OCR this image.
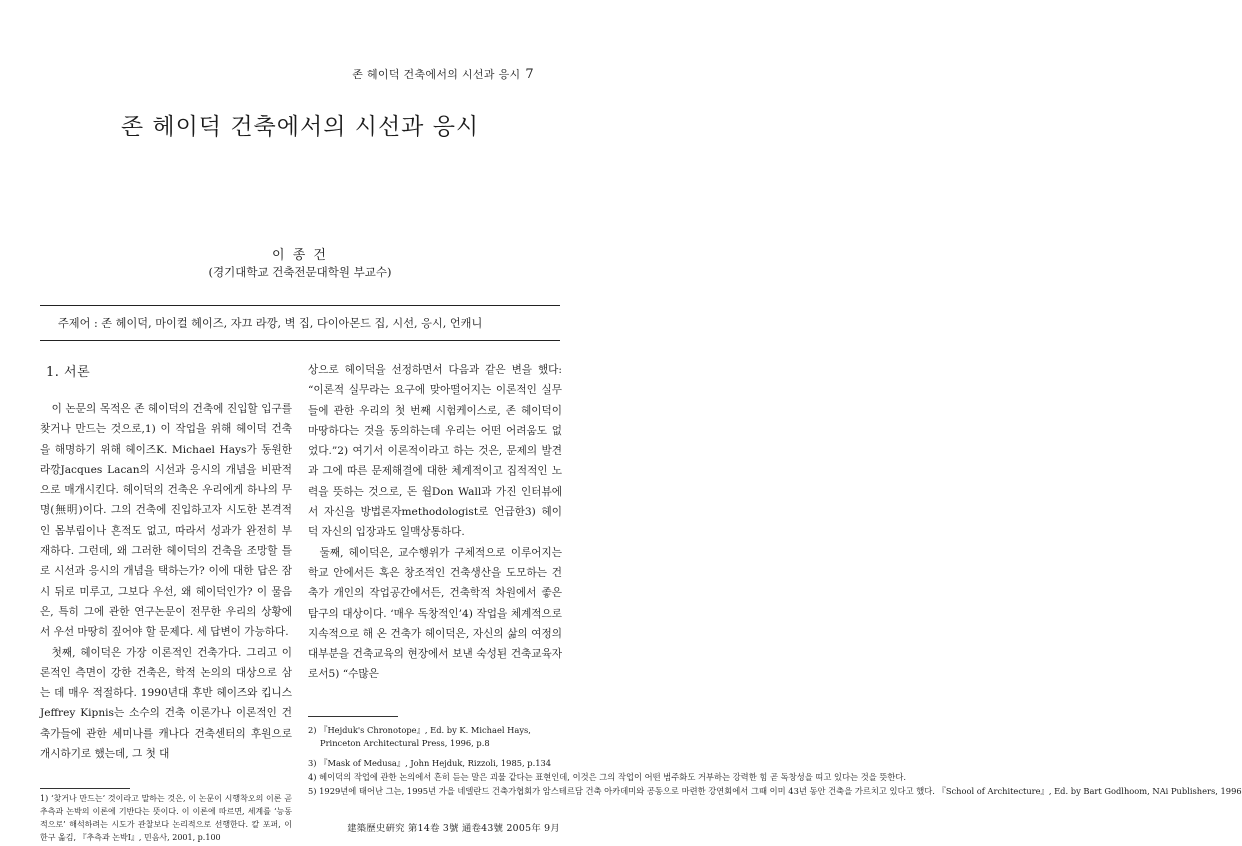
존 헤이덕 건축에서의 시선과 응시 7
존 헤이덕 건축에서의 시선과 응시
이 종 건
(경기대학교 건축전문대학원 부교수)
주제어 : 존 헤이덕, 마이컬 헤이즈, 자끄 라깡, 벽 집, 다이아몬드 집, 시선, 응시, 언캐니
1. 서론

이 논문의 목적은 존 헤이덕의 건축에 진입할 입구를 찾거나 만드는 것으로,1) 이 작업을 위해 헤이덕 건축을 해명하기 위해 헤이즈K. Michael Hays가 동원한 라깡Jacques Lacan의 시선과 응시의 개념을 비판적으로 매개시킨다. 헤이덕의 건축은 우리에게 하나의 무명(無明)이다. 그의 건축에 진입하고자 시도한 본격적인 몸부림이나 흔적도 없고, 따라서 성과가 완전히 부재하다. 그런데, 왜 그러한 헤이덕의 건축을 조망할 틀로 시선과 응시의 개념을 택하는가? 이에 대한 답은 잠시 뒤로 미루고, 그보다 우선, 왜 헤이덕인가? 이 물음은, 특히 그에 관한 연구논문이 전무한 우리의 상황에서 우선 마땅히 짚어야 할 문제다. 세 답변이 가능하다.

첫째, 헤이덕은 가장 이론적인 건축가다. 그리고 이론적인 측면이 강한 건축은, 학적 논의의 대상으로 삼는 데 매우 적절하다. 1990년대 후반 헤이즈와 킵니스Jeffrey Kipnis는 소수의 건축 이론가나 이론적인 건축가들에 관한 세미나를 캐나다 건축센터의 후원으로 개시하기로 했는데, 그 첫 대

상으로 헤이덕을 선정하면서 다음과 같은 변을 했다: “이론적 실무라는 요구에 맞아떨어지는 이론적인 실무들에 관한 우리의 첫 번째 시험케이스로, 존 헤이덕이 마땅하다는 것을 동의하는데 우리는 어떤 어려움도 없었다.”2) 여기서 이론적이라고 하는 것은, 문제의 발견과 그에 따른 문제해결에 대한 체계적이고 집적적인 노력을 뜻하는 것으로, 돈 월Don Wall과 가진 인터뷰에서 자신을 방법론자methodologist로 언급한3) 헤이덕 자신의 입장과도 일맥상통하다.

둘째, 헤이덕은, 교수행위가 구체적으로 이루어지는 학교 안에서든 혹은 창조적인 건축생산을 도모하는 건축가 개인의 작업공간에서든, 건축학적 차원에서 좋은 탐구의 대상이다. ‘매우 독창적인’4) 작업을 체계적으로 지속적으로 해 온 건축가 헤이덕은, 자신의 삶의 여정의 대부분을 건축교육의 현장에서 보낸 숙성된 건축교육자로서5) “수많은

1) ‘찾거나 만드는’ 것이라고 말하는 것은, 이 논문이 시행착오의 이론 곧 추측과 논박의 이론에 기반다는 뜻이다. 이 이론에 따르면, 세계를 ‘능동적으로’ 해석하려는 시도가 관찰보다 논리적으로 선행한다. 칼 포퍼, 이한구 옮김, 『추측과 논박Ⅰ』, 민음사, 2001, p.100
2) 『Hejduk's Chronotope』, Ed. by K. Michael Hays,
Princeton Architectural Press, 1996, p.8
3) 『Mask of Medusa』, John Hejduk, Rizzoli, 1985, p.134
4) 헤이덕의 작업에 관한 논의에서 흔히 듣는 말은 괴물 같다는 표현인데, 이것은 그의 작업이 어떤 범주화도 거부하는 강력한 힘 곧 독창성을 띠고 있다는 것을 뜻한다.
5) 1929년에 태어난 그는, 1995년 가을 네델란드 건축가협회가 암스테르담 건축 아카데미와 공동으로 마련한 강연회에서 그때 이미 43년 동안 건축을 가르치고 있다고 했다. 『School of Architecture』, Ed. by Bart Godlhoom, NAi Publishers, 1996
建築歷史硏究 第14卷 3號 通卷43號 2005年 9月
